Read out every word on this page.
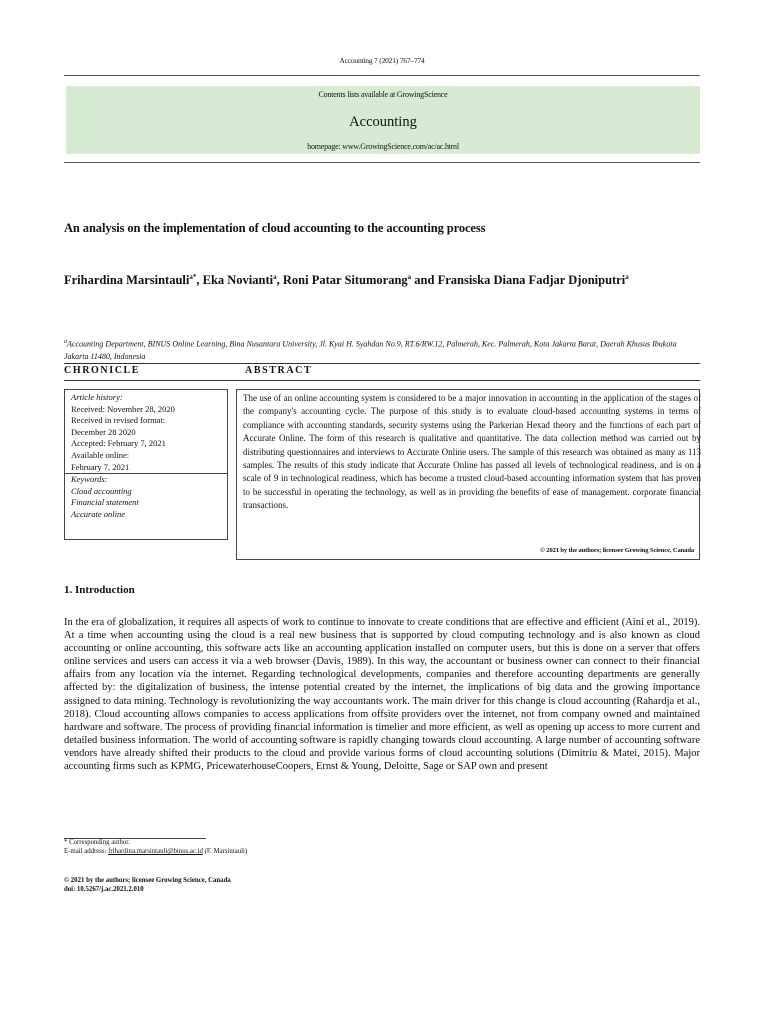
Accounting 7 (2021) 767–774
Contents lists available at GrowingScience
Accounting
homepage: www.GrowingScience.com/ac/ac.html
An analysis on the implementation of cloud accounting to the accounting process
Frihardina Marsintauli$^{a*}$, Eka Novianti$^a$, Roni Patar Situmorang$^a$ and Fransiska Diana Fadjar Djoniputri$^a$
$^a$Accounting Department, BINUS Online Learning, Bina Nusantara University, Jl. Kyai H. Syahdan No.9, RT.6/RW.12, Palmerah, Kec. Palmerah, Kota Jakarta Barat, Daerah Khusus Ibukota Jakarta 11480, Indonesia
CHRONICLE	ABSTRACT
Article history:
Received: November 28, 2020
Received in revised format:
December 28 2020
Accepted: February 7, 2021
Available online:
February 7, 2021
Keywords:
Cloud accounting
Financial statement
Accurate online
The use of an online accounting system is considered to be a major innovation in accounting in the application of the stages of the company's accounting cycle. The purpose of this study is to evaluate cloud-based accounting systems in terms of compliance with accounting standards, security systems using the Parkerian Hexad theory and the functions of each part of Accurate Online. The form of this research is qualitative and quantitative. The data collection method was carried out by distributing questionnaires and interviews to Accurate Online users. The sample of this research was obtained as many as 113 samples. The results of this study indicate that Accurate Online has passed all levels of technological readiness, and is on a scale of 9 in technological readiness, which has become a trusted cloud-based accounting information system that has proven to be successful in operating the technology, as well as in providing the benefits of ease of management. corporate financial transactions.
© 2021 by the authors; licensee Growing Science, Canada
1. Introduction
In the era of globalization, it requires all aspects of work to continue to innovate to create conditions that are effective and efficient (Aini et al., 2019). At a time when accounting using the cloud is a real new business that is supported by cloud computing technology and is also known as cloud accounting or online accounting, this software acts like an accounting application installed on computer users, but this is done on a server that offers online services and users can access it via a web browser (Davis, 1989). In this way, the accountant or business owner can connect to their financial affairs from any location via the internet. Regarding technological developments, companies and therefore accounting departments are generally affected by: the digitalization of business, the intense potential created by the internet, the implications of big data and the growing importance assigned to data mining. Technology is revolutionizing the way accountants work. The main driver for this change is cloud accounting (Rahardja et al., 2018). Cloud accounting allows companies to access applications from offsite providers over the internet, not from company owned and maintained hardware and software. The process of providing financial information is timelier and more efficient, as well as opening up access to more current and detailed business information. The world of accounting software is rapidly changing towards cloud accounting. A large number of accounting software vendors have already shifted their products to the cloud and provide various forms of cloud accounting solutions (Dimitriu & Matei, 2015). Major accounting firms such as KPMG, PricewaterhouseCoopers, Ernst & Young, Deloitte, Sage or SAP own and present
* Corresponding author.
E-mail address: frihardina.marsintauli@binus.ac.id (F. Marsintauli)
© 2021 by the authors; licensee Growing Science, Canada
doi: 10.5267/j.ac.2021.2.010
